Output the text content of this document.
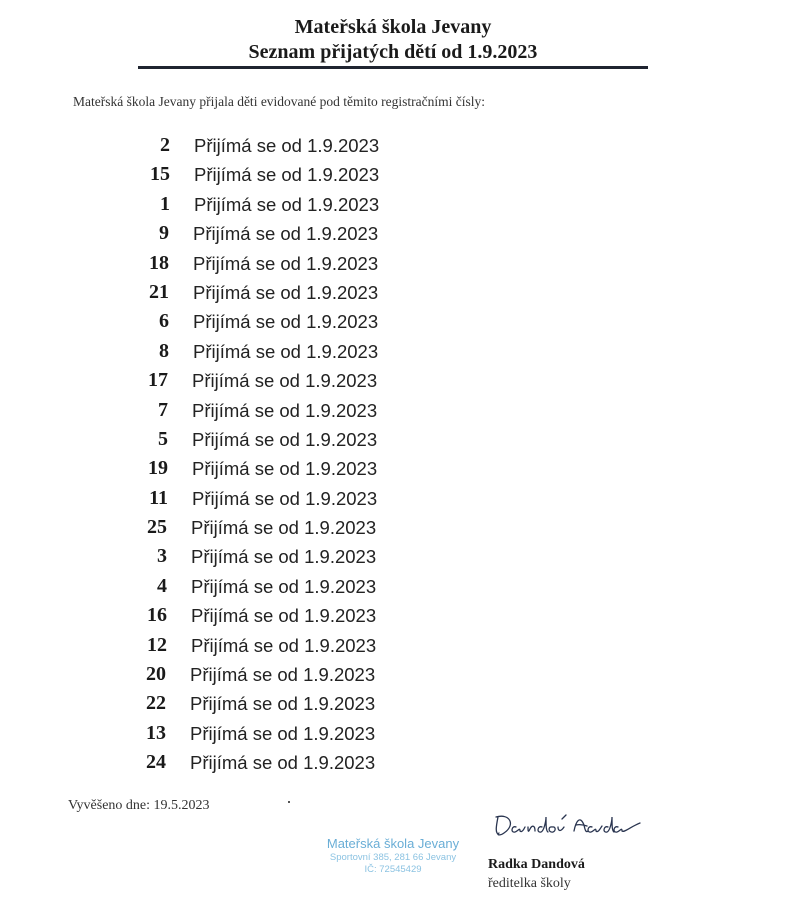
Mateřská škola Jevany
Seznam přijatých dětí od 1.9.2023
Mateřská škola Jevany přijala děti evidované pod těmito registračními čísly:
2 Přijímá se od 1.9.2023
15 Přijímá se od 1.9.2023
1 Přijímá se od 1.9.2023
9 Přijímá se od 1.9.2023
18 Přijímá se od 1.9.2023
21 Přijímá se od 1.9.2023
6 Přijímá se od 1.9.2023
8 Přijímá se od 1.9.2023
17 Přijímá se od 1.9.2023
7 Přijímá se od 1.9.2023
5 Přijímá se od 1.9.2023
19 Přijímá se od 1.9.2023
11 Přijímá se od 1.9.2023
25 Přijímá se od 1.9.2023
3 Přijímá se od 1.9.2023
4 Přijímá se od 1.9.2023
16 Přijímá se od 1.9.2023
12 Přijímá se od 1.9.2023
20 Přijímá se od 1.9.2023
22 Přijímá se od 1.9.2023
13 Přijímá se od 1.9.2023
24 Přijímá se od 1.9.2023
Vyvěšeno dne: 19.5.2023
Mateřská škola Jevany
Sportovní 385, 281 66 Jevany
IČ: 72545429	Radka Dandová
ředitelka školy
